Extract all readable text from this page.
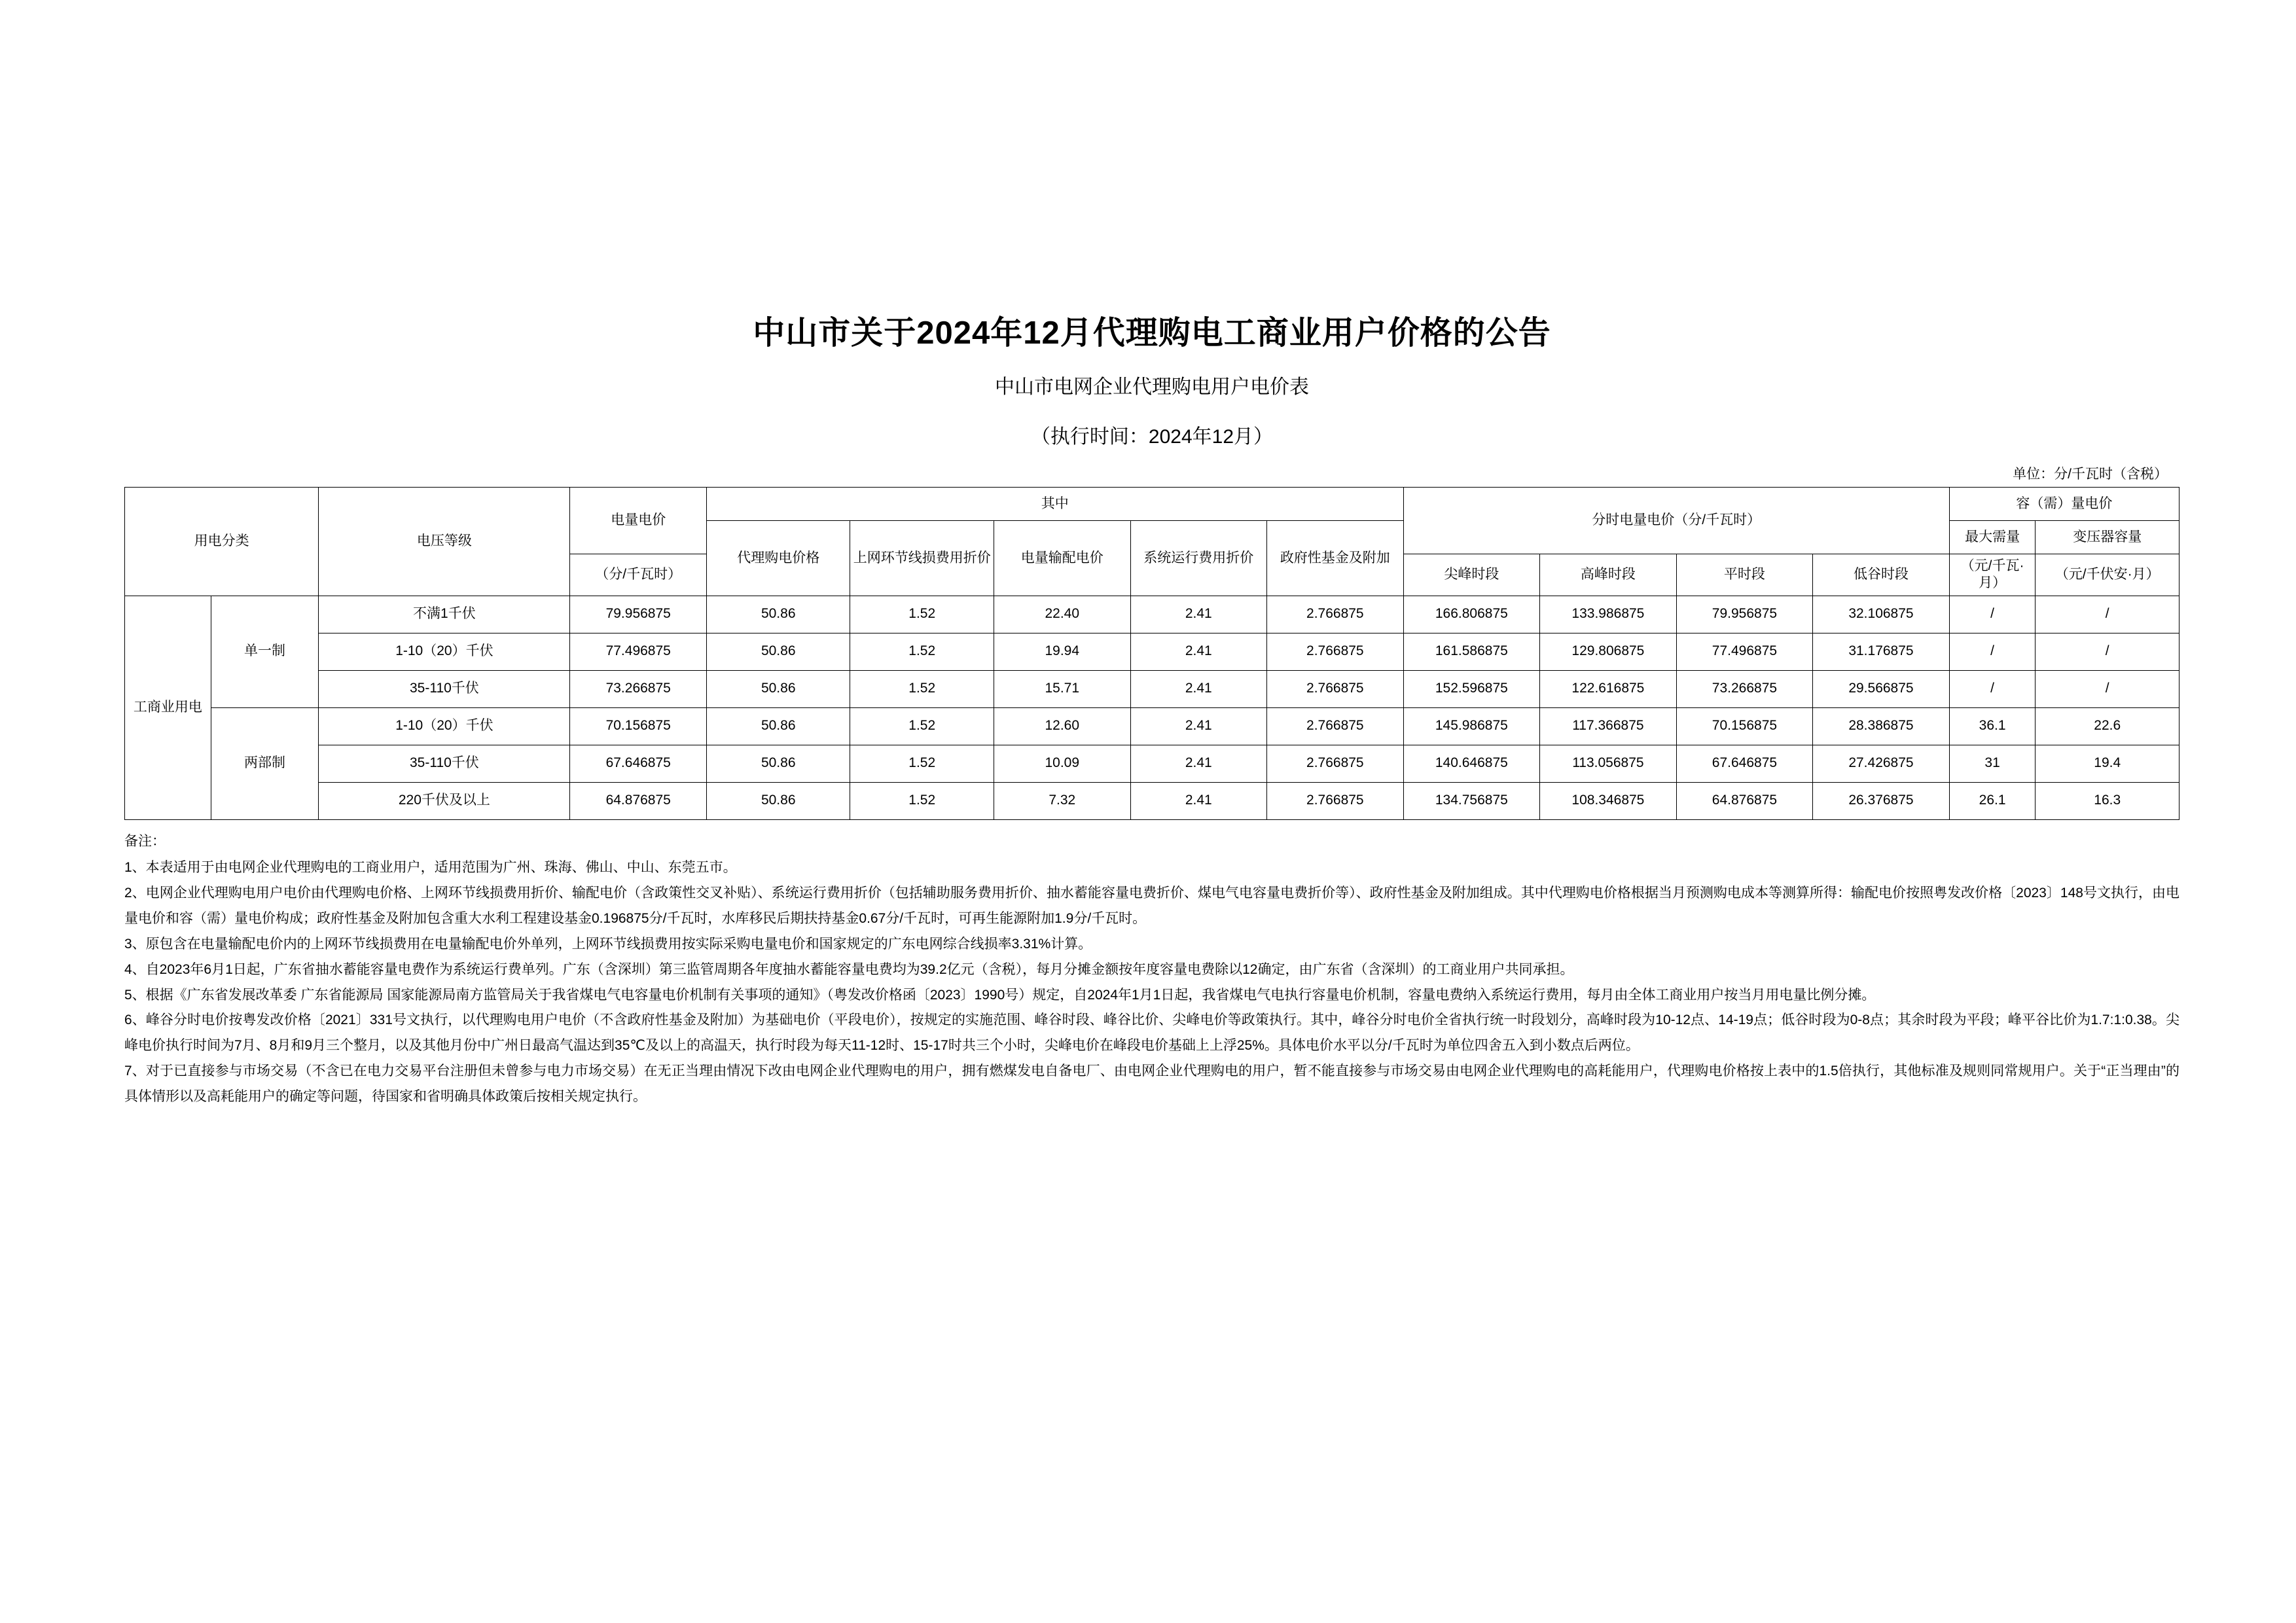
中山市关于2024年12月代理购电工商业用户价格的公告
中山市电网企业代理购电用户电价表
（执行时间：2024年12月）
单位：分/千瓦时（含税）
用电分类		电压等级	电量电价	其中					分时电量电价（分/千瓦时）				容（需）量电价	
				代理购电价格	上网环节线损费用折价	电量输配电价	系统运行费用折价	政府性基金及附加					最大需量	变压器容量
			（分/千瓦时）						尖峰时段	高峰时段	平时段	低谷时段	（元/千瓦·月）	（元/千伏安·月）
工商业用电	单一制	不满1千伏	79.956875	50.86	1.52	22.40	2.41	2.766875	166.806875	133.986875	79.956875	32.106875	/	/
		1-10（20）千伏	77.496875	50.86	1.52	19.94	2.41	2.766875	161.586875	129.806875	77.496875	31.176875	/	/
		35-110千伏	73.266875	50.86	1.52	15.71	2.41	2.766875	152.596875	122.616875	73.266875	29.566875	/	/
	两部制	1-10（20）千伏	70.156875	50.86	1.52	12.60	2.41	2.766875	145.986875	117.366875	70.156875	28.386875	36.1	22.6
		35-110千伏	67.646875	50.86	1.52	10.09	2.41	2.766875	140.646875	113.056875	67.646875	27.426875	31	19.4
		220千伏及以上	64.876875	50.86	1.52	7.32	2.41	2.766875	134.756875	108.346875	64.876875	26.376875	26.1	16.3

备注：

1、本表适用于由电网企业代理购电的工商业用户，适用范围为广州、珠海、佛山、中山、东莞五市。

2、电网企业代理购电用户电价由代理购电价格、上网环节线损费用折价、输配电价（含政策性交叉补贴）、系统运行费用折价（包括辅助服务费用折价、抽水蓄能容量电费折价、煤电气电容量电费折价等）、政府性基金及附加组成。其中代理购电价格根据当月预测购电成本等测算所得：输配电价按照粤发改价格〔2023〕148号文执行，由电量电价和容（需）量电价构成；政府性基金及附加包含重大水利工程建设基金0.196875分/千瓦时，水库移民后期扶持基金0.67分/千瓦时，可再生能源附加1.9分/千瓦时。

3、原包含在电量输配电价内的上网环节线损费用在电量输配电价外单列，上网环节线损费用按实际采购电量电价和国家规定的广东电网综合线损率3.31%计算。

4、自2023年6月1日起，广东省抽水蓄能容量电费作为系统运行费单列。广东（含深圳）第三监管周期各年度抽水蓄能容量电费均为39.2亿元（含税），每月分摊金额按年度容量电费除以12确定，由广东省（含深圳）的工商业用户共同承担。

5、根据《广东省发展改革委 广东省能源局 国家能源局南方监管局关于我省煤电气电容量电价机制有关事项的通知》（粤发改价格函〔2023〕1990号）规定，自2024年1月1日起，我省煤电气电执行容量电价机制，容量电费纳入系统运行费用，每月由全体工商业用户按当月用电量比例分摊。

6、峰谷分时电价按粤发改价格〔2021〕331号文执行，以代理购电用户电价（不含政府性基金及附加）为基础电价（平段电价），按规定的实施范围、峰谷时段、峰谷比价、尖峰电价等政策执行。其中，峰谷分时电价全省执行统一时段划分，高峰时段为10-12点、14-19点；低谷时段为0-8点；其余时段为平段；峰平谷比价为1.7:1:0.38。尖峰电价执行时间为7月、8月和9月三个整月，以及其他月份中广州日最高气温达到35℃及以上的高温天，执行时段为每天11-12时、15-17时共三个小时，尖峰电价在峰段电价基础上上浮25%。具体电价水平以分/千瓦时为单位四舍五入到小数点后两位。

7、对于已直接参与市场交易（不含已在电力交易平台注册但未曾参与电力市场交易）在无正当理由情况下改由电网企业代理购电的用户，拥有燃煤发电自备电厂、由电网企业代理购电的用户，暂不能直接参与市场交易由电网企业代理购电的高耗能用户，代理购电价格按上表中的1.5倍执行，其他标准及规则同常规用户。关于“正当理由”的具体情形以及高耗能用户的确定等问题，待国家和省明确具体政策后按相关规定执行。
